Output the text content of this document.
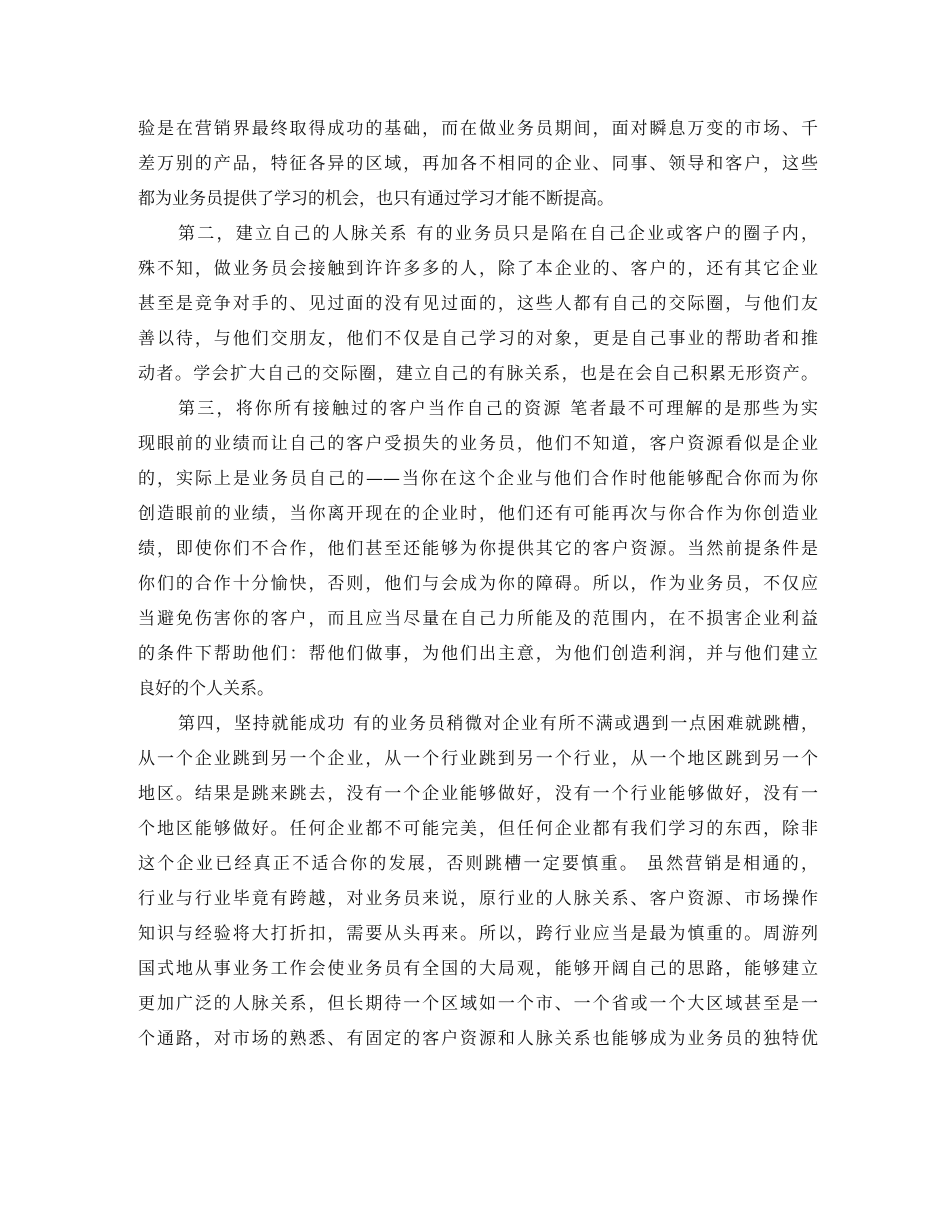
验是在营销界最终取得成功的基础，而在做业务员期间，面对瞬息万变的市场、千
差万别的产品，特征各异的区域，再加各不相同的企业、同事、领导和客户，这些
都为业务员提供了学习的机会，也只有通过学习才能不断提高。
第二，建立自己的人脉关系 有的业务员只是陷在自己企业或客户的圈子内，
殊不知，做业务员会接触到许许多多的人，除了本企业的、客户的，还有其它企业
甚至是竞争对手的、见过面的没有见过面的，这些人都有自己的交际圈，与他们友
善以待，与他们交朋友，他们不仅是自己学习的对象，更是自己事业的帮助者和推
动者。学会扩大自己的交际圈，建立自己的有脉关系，也是在会自己积累无形资产。
第三，将你所有接触过的客户当作自己的资源 笔者最不可理解的是那些为实
现眼前的业绩而让自己的客户受损失的业务员，他们不知道，客户资源看似是企业
的，实际上是业务员自己的——当你在这个企业与他们合作时他能够配合你而为你
创造眼前的业绩，当你离开现在的企业时，他们还有可能再次与你合作为你创造业
绩，即使你们不合作，他们甚至还能够为你提供其它的客户资源。当然前提条件是
你们的合作十分愉快，否则，他们与会成为你的障碍。所以，作为业务员，不仅应
当避免伤害你的客户，而且应当尽量在自己力所能及的范围内，在不损害企业利益
的条件下帮助他们：帮他们做事，为他们出主意，为他们创造利润，并与他们建立
良好的个人关系。
第四，坚持就能成功 有的业务员稍微对企业有所不满或遇到一点困难就跳槽，
从一个企业跳到另一个企业，从一个行业跳到另一个行业，从一个地区跳到另一个
地区。结果是跳来跳去，没有一个企业能够做好，没有一个行业能够做好，没有一
个地区能够做好。任何企业都不可能完美，但任何企业都有我们学习的东西，除非
这个企业已经真正不适合你的发展，否则跳槽一定要慎重。 虽然营销是相通的，
行业与行业毕竟有跨越，对业务员来说，原行业的人脉关系、客户资源、市场操作
知识与经验将大打折扣，需要从头再来。所以，跨行业应当是最为慎重的。周游列
国式地从事业务工作会使业务员有全国的大局观，能够开阔自己的思路，能够建立
更加广泛的人脉关系，但长期待一个区域如一个市、一个省或一个大区域甚至是一
个通路，对市场的熟悉、有固定的客户资源和人脉关系也能够成为业务员的独特优
